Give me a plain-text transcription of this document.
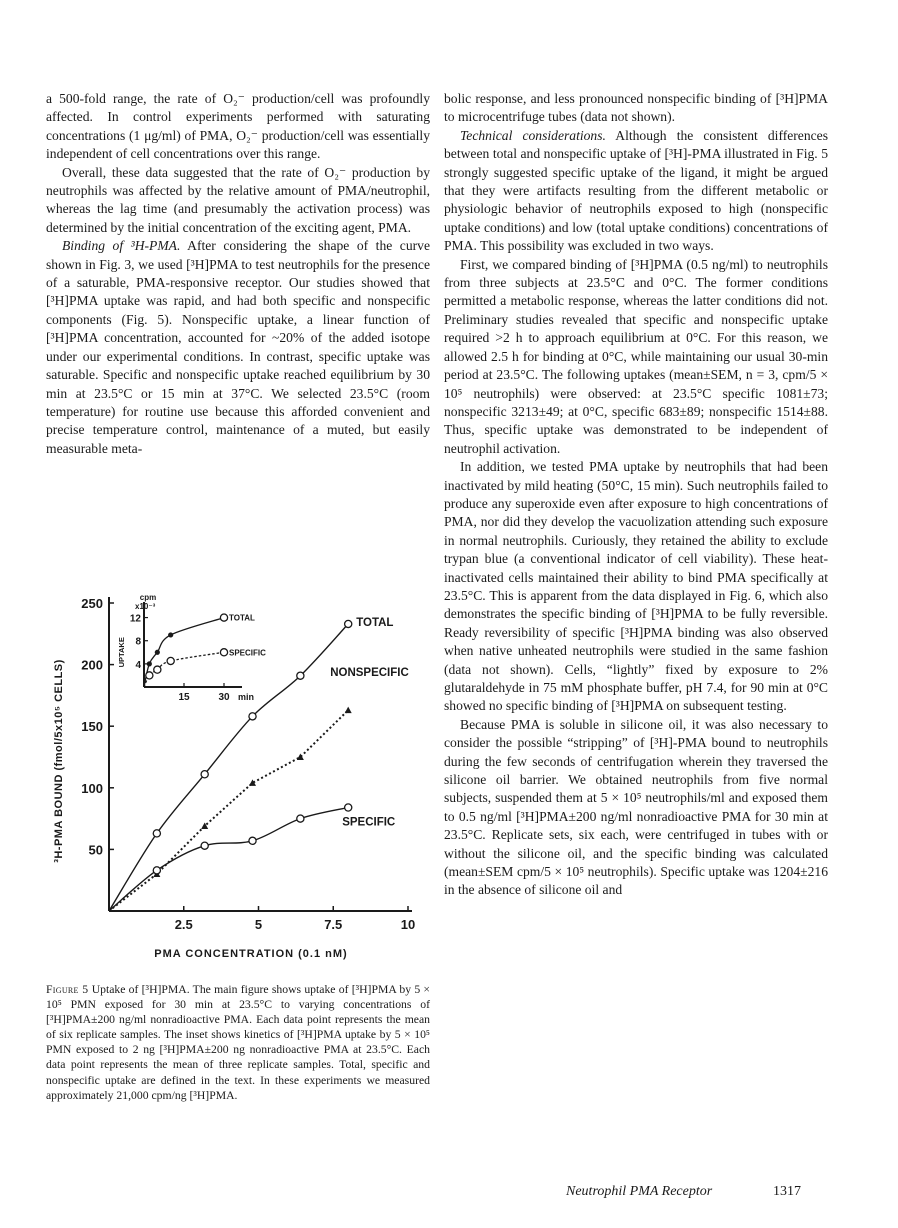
a 500-fold range, the rate of O₂⁻ production/cell was profoundly affected. In control experiments performed with saturating concentrations (1 μg/ml) of PMA, O₂⁻ production/cell was essentially independent of cell concentrations over this range.

Overall, these data suggested that the rate of O₂⁻ production by neutrophils was affected by the relative amount of PMA/neutrophil, whereas the lag time (and presumably the activation process) was determined by the initial concentration of the exciting agent, PMA.

Binding of ³H-PMA. After considering the shape of the curve shown in Fig. 3, we used [³H]PMA to test neutrophils for the presence of a saturable, PMA-responsive receptor. Our studies showed that [³H]PMA uptake was rapid, and had both specific and nonspecific components (Fig. 5). Nonspecific uptake, a linear function of [³H]PMA concentration, accounted for ~20% of the added isotope under our experimental conditions. In contrast, specific uptake was saturable. Specific and nonspecific uptake reached equilibrium by 30 min at 23.5°C or 15 min at 37°C. We selected 23.5°C (room temperature) for routine use because this afforded convenient and precise temperature control, maintenance of a muted, but easily measurable meta-

bolic response, and less pronounced nonspecific binding of [³H]PMA to microcentrifuge tubes (data not shown).

Technical considerations. Although the consistent differences between total and nonspecific uptake of [³H]-PMA illustrated in Fig. 5 strongly suggested specific uptake of the ligand, it might be argued that they were artifacts resulting from the different metabolic or physiologic behavior of neutrophils exposed to high (nonspecific uptake conditions) and low (total uptake conditions) concentrations of PMA. This possibility was excluded in two ways.

First, we compared binding of [³H]PMA (0.5 ng/ml) to neutrophils from three subjects at 23.5°C and 0°C. The former conditions permitted a metabolic response, whereas the latter conditions did not. Preliminary studies revealed that specific and nonspecific uptake required >2 h to approach equilibrium at 0°C. For this reason, we allowed 2.5 h for binding at 0°C, while maintaining our usual 30-min period at 23.5°C. The following uptakes (mean±SEM, n = 3, cpm/5 × 10⁵ neutrophils) were observed: at 23.5°C specific 1081±73; nonspecific 3213±49; at 0°C, specific 683±89; nonspecific 1514±88. Thus, specific uptake was demonstrated to be independent of neutrophil activation.

In addition, we tested PMA uptake by neutrophils that had been inactivated by mild heating (50°C, 15 min). Such neutrophils failed to produce any superoxide even after exposure to high concentrations of PMA, nor did they develop the vacuolization attending such exposure in normal neutrophils. Curiously, they retained the ability to exclude trypan blue (a conventional indicator of cell viability). These heat-inactivated cells maintained their ability to bind PMA specifically at 23.5°C. This is apparent from the data displayed in Fig. 6, which also demonstrates the specific binding of [³H]PMA to be fully reversible. Ready reversibility of specific [³H]PMA binding was also observed when native unheated neutrophils were studied in the same fashion (data not shown). Cells, “lightly” fixed by exposure to 2% glutaraldehyde in 75 mM phosphate buffer, pH 7.4, for 90 min at 0°C showed no specific binding of [³H]PMA on subsequent testing.

Because PMA is soluble in silicone oil, it was also necessary to consider the possible “stripping” of [³H]-PMA bound to neutrophils during the few seconds of centrifugation wherein they traversed the silicone oil barrier. We obtained neutrophils from five normal subjects, suspended them at 5 × 10⁵ neutrophils/ml and exposed them to 0.5 ng/ml [³H]PMA±200 ng/ml nonradioactive PMA for 30 min at 23.5°C. Replicate sets, six each, were centrifuged in tubes with or without the silicone oil, and the specific binding was calculated (mean±SEM cpm/5 × 10⁵ neutrophils). Specific uptake was 1204±216 in the absence of silicone oil and

2.5	5	7.5	10
50
100
150
200
250
PMA CONCENTRATION (0.1 nM)
³H-PMA BOUND (fmol/5x10⁵ CELLS)
TOTAL
NONSPECIFIC
SPECIFIC
15	30 min
4
8
12
cpm
x10⁻³
UPTAKE
TOTAL
SPECIFIC
Figure 5 Uptake of [³H]PMA. The main figure shows uptake of [³H]PMA by 5 × 10⁵ PMN exposed for 30 min at 23.5°C to varying concentrations of [³H]PMA±200 ng/ml nonradioactive PMA. Each data point represents the mean of six replicate samples. The inset shows kinetics of [³H]PMA uptake by 5 × 10⁵ PMN exposed to 2 ng [³H]PMA±200 ng nonradioactive PMA at 23.5°C. Each data point represents the mean of three replicate samples. Total, specific and nonspecific uptake are defined in the text. In these experiments we measured approximately 21,000 cpm/ng [³H]PMA.
Neutrophil PMA Receptor	1317
